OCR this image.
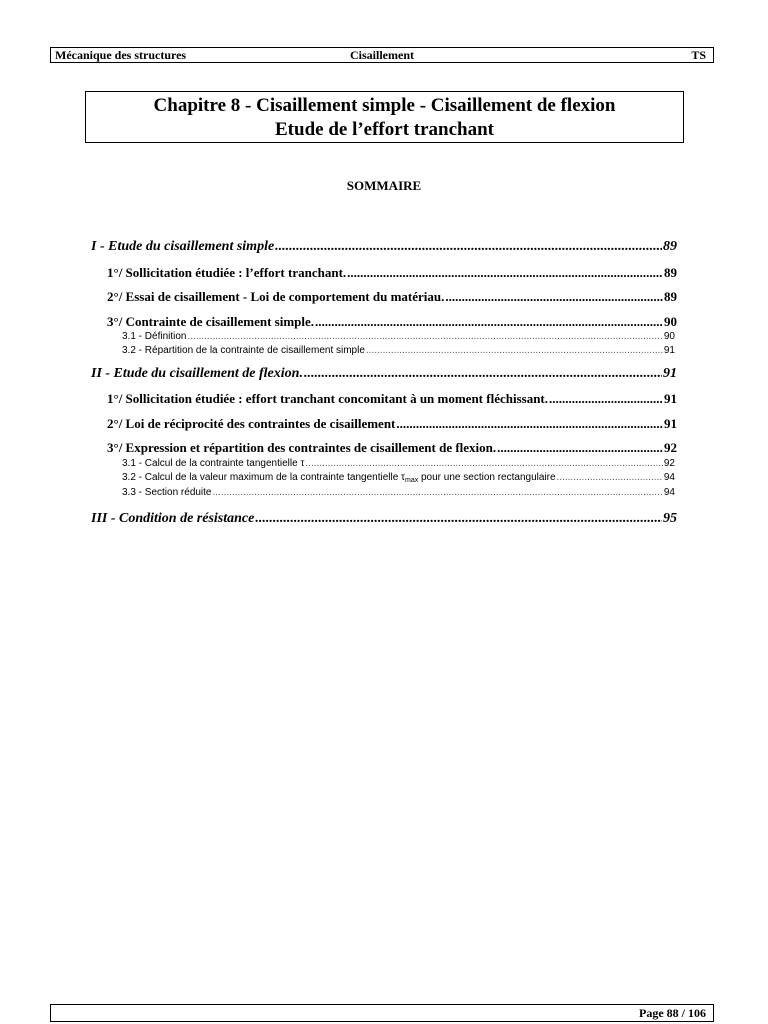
Mécanique des structures	Cisaillement	TS
Chapitre 8 - Cisaillement simple - Cisaillement de flexion
Etude de l’effort tranchant
SOMMAIRE
I - Etude du cisaillement simple .....	89
1°/ Sollicitation étudiée : l’effort tranchant. .....	89
2°/ Essai de cisaillement - Loi de comportement du matériau. .....	89
3°/ Contrainte de cisaillement simple. .....	90
3.1 - Définition .....	90
3.2 - Répartition de la contrainte de cisaillement simple .....	91
II - Etude du cisaillement de flexion. .....	91
1°/ Sollicitation étudiée : effort tranchant concomitant à un moment fléchissant. .....	91
2°/ Loi de réciprocité des contraintes de cisaillement .....	91
3°/ Expression et répartition des contraintes de cisaillement de flexion. .....	92
3.1 - Calcul de la contrainte tangentielle τ .....	92
3.2 - Calcul de la valeur maximum de la contrainte tangentielle $\tau_{max}$ pour une section rectangulaire .....	94
3.3 - Section réduite .....	94
III - Condition de résistance .....	95
Page 88 / 106
